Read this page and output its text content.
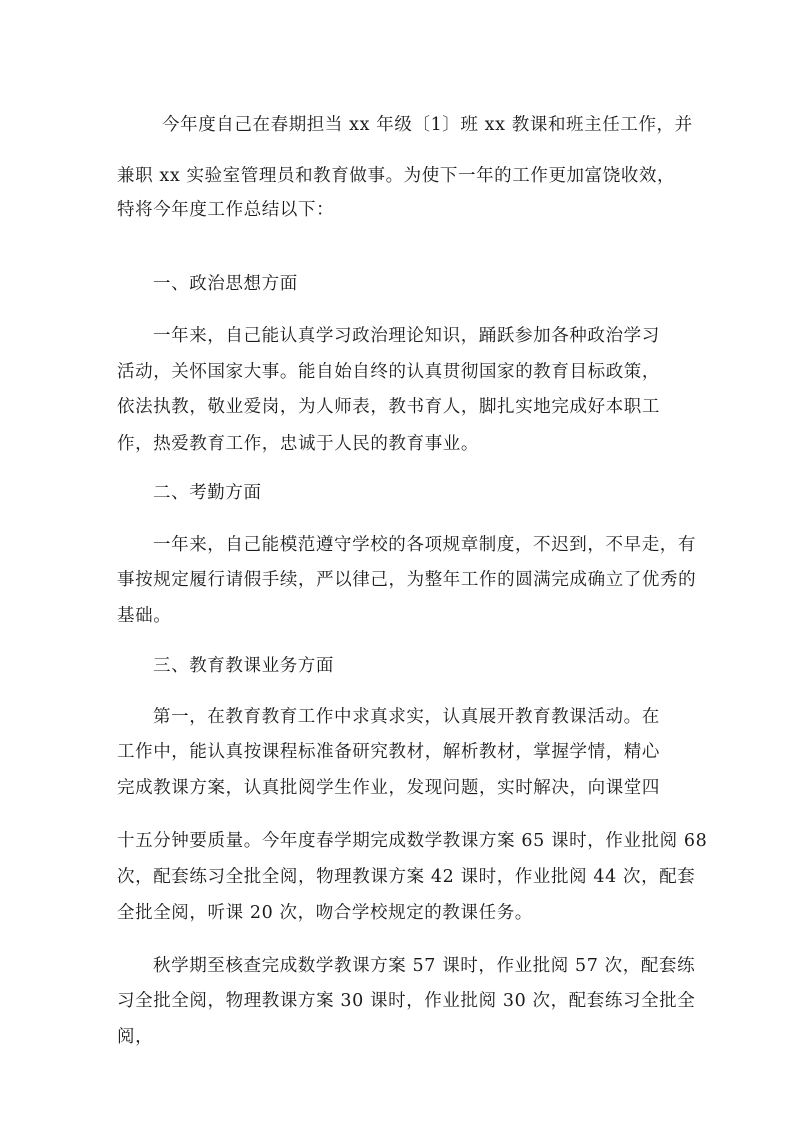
今年度自己在春期担当 xx 年级〔1〕班 xx 教课和班主任工作，并
兼职 xx 实验室管理员和教育做事。为使下一年的工作更加富饶收效，
特将今年度工作总结以下：
一、政治思想方面
一年来，自己能认真学习政治理论知识，踊跃参加各种政治学习
活动，关怀国家大事。能自始自终的认真贯彻国家的教育目标政策，
依法执教，敬业爱岗，为人师表，教书育人，脚扎实地完成好本职工
作，热爱教育工作，忠诚于人民的教育事业。
二、考勤方面
一年来，自己能模范遵守学校的各项规章制度，不迟到，不早走，有
事按规定履行请假手续，严以律己，为整年工作的圆满完成确立了优秀的
基础。
三、教育教课业务方面
第一，在教育教育工作中求真求实，认真展开教育教课活动。在
工作中，能认真按课程标准备研究教材，解析教材，掌握学情，精心
完成教课方案，认真批阅学生作业，发现问题，实时解决，向课堂四
十五分钟要质量。今年度春学期完成数学教课方案 65 课时，作业批阅 68
次，配套练习全批全阅，物理教课方案 42 课时，作业批阅 44 次，配套
全批全阅，听课 20 次，吻合学校规定的教课任务。
秋学期至核查完成数学教课方案 57 课时，作业批阅 57 次，配套练
习全批全阅，物理教课方案 30 课时，作业批阅 30 次，配套练习全批全
阅，
